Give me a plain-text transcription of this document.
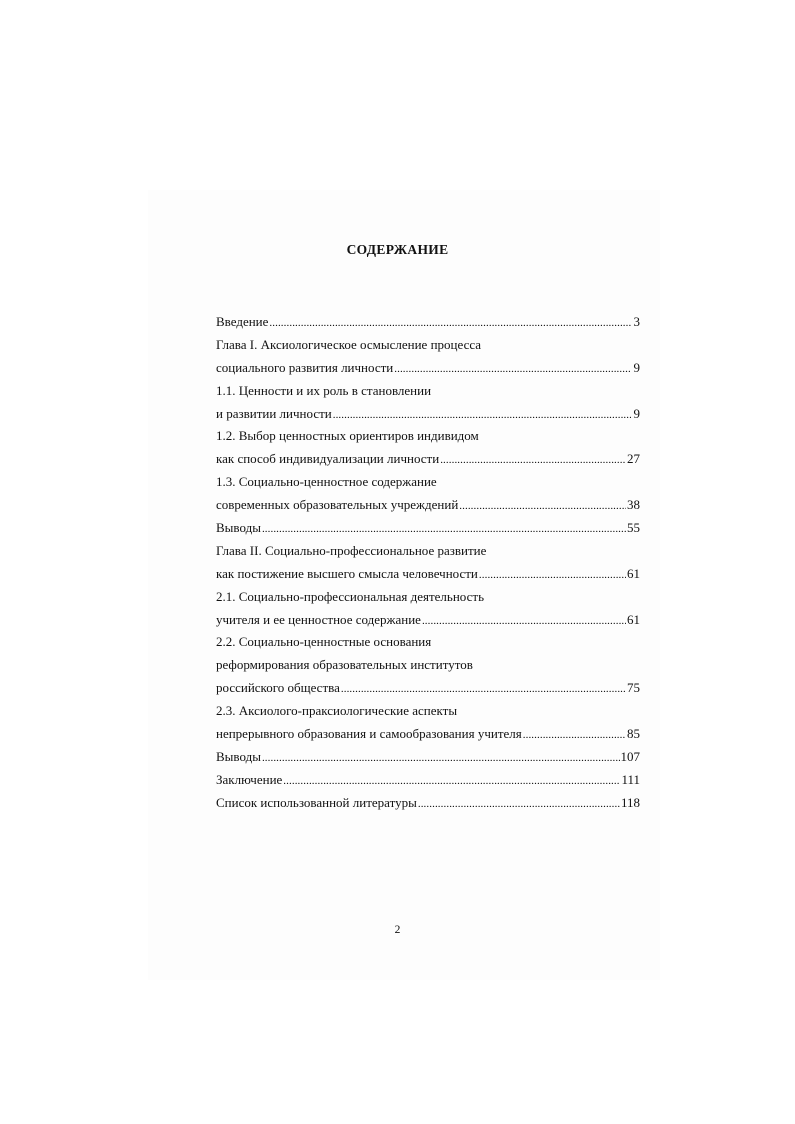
СОДЕРЖАНИЕ
Введение .....	3
Глава I. Аксиологическое осмысление процесса
социального развития личности .....	9
1.1. Ценности и их роль в становлении
и развитии личности .....	9
1.2. Выбор ценностных ориентиров индивидом
как способ индивидуализации личности .....	27
1.3. Социально-ценностное содержание
современных образовательных учреждений .....	38
Выводы .....	55
Глава II. Социально-профессиональное развитие
как постижение высшего смысла человечности .....	61
2.1. Социально-профессиональная деятельность
учителя и ее ценностное содержание .....	61
2.2. Социально-ценностные основания
реформирования образовательных институтов
российского общества .....	75
2.3. Аксиолого-праксиологические аспекты
непрерывного образования и самообразования учителя .....	85
Выводы .....	107
Заключение .....	111
Список использованной литературы .....	118
2
